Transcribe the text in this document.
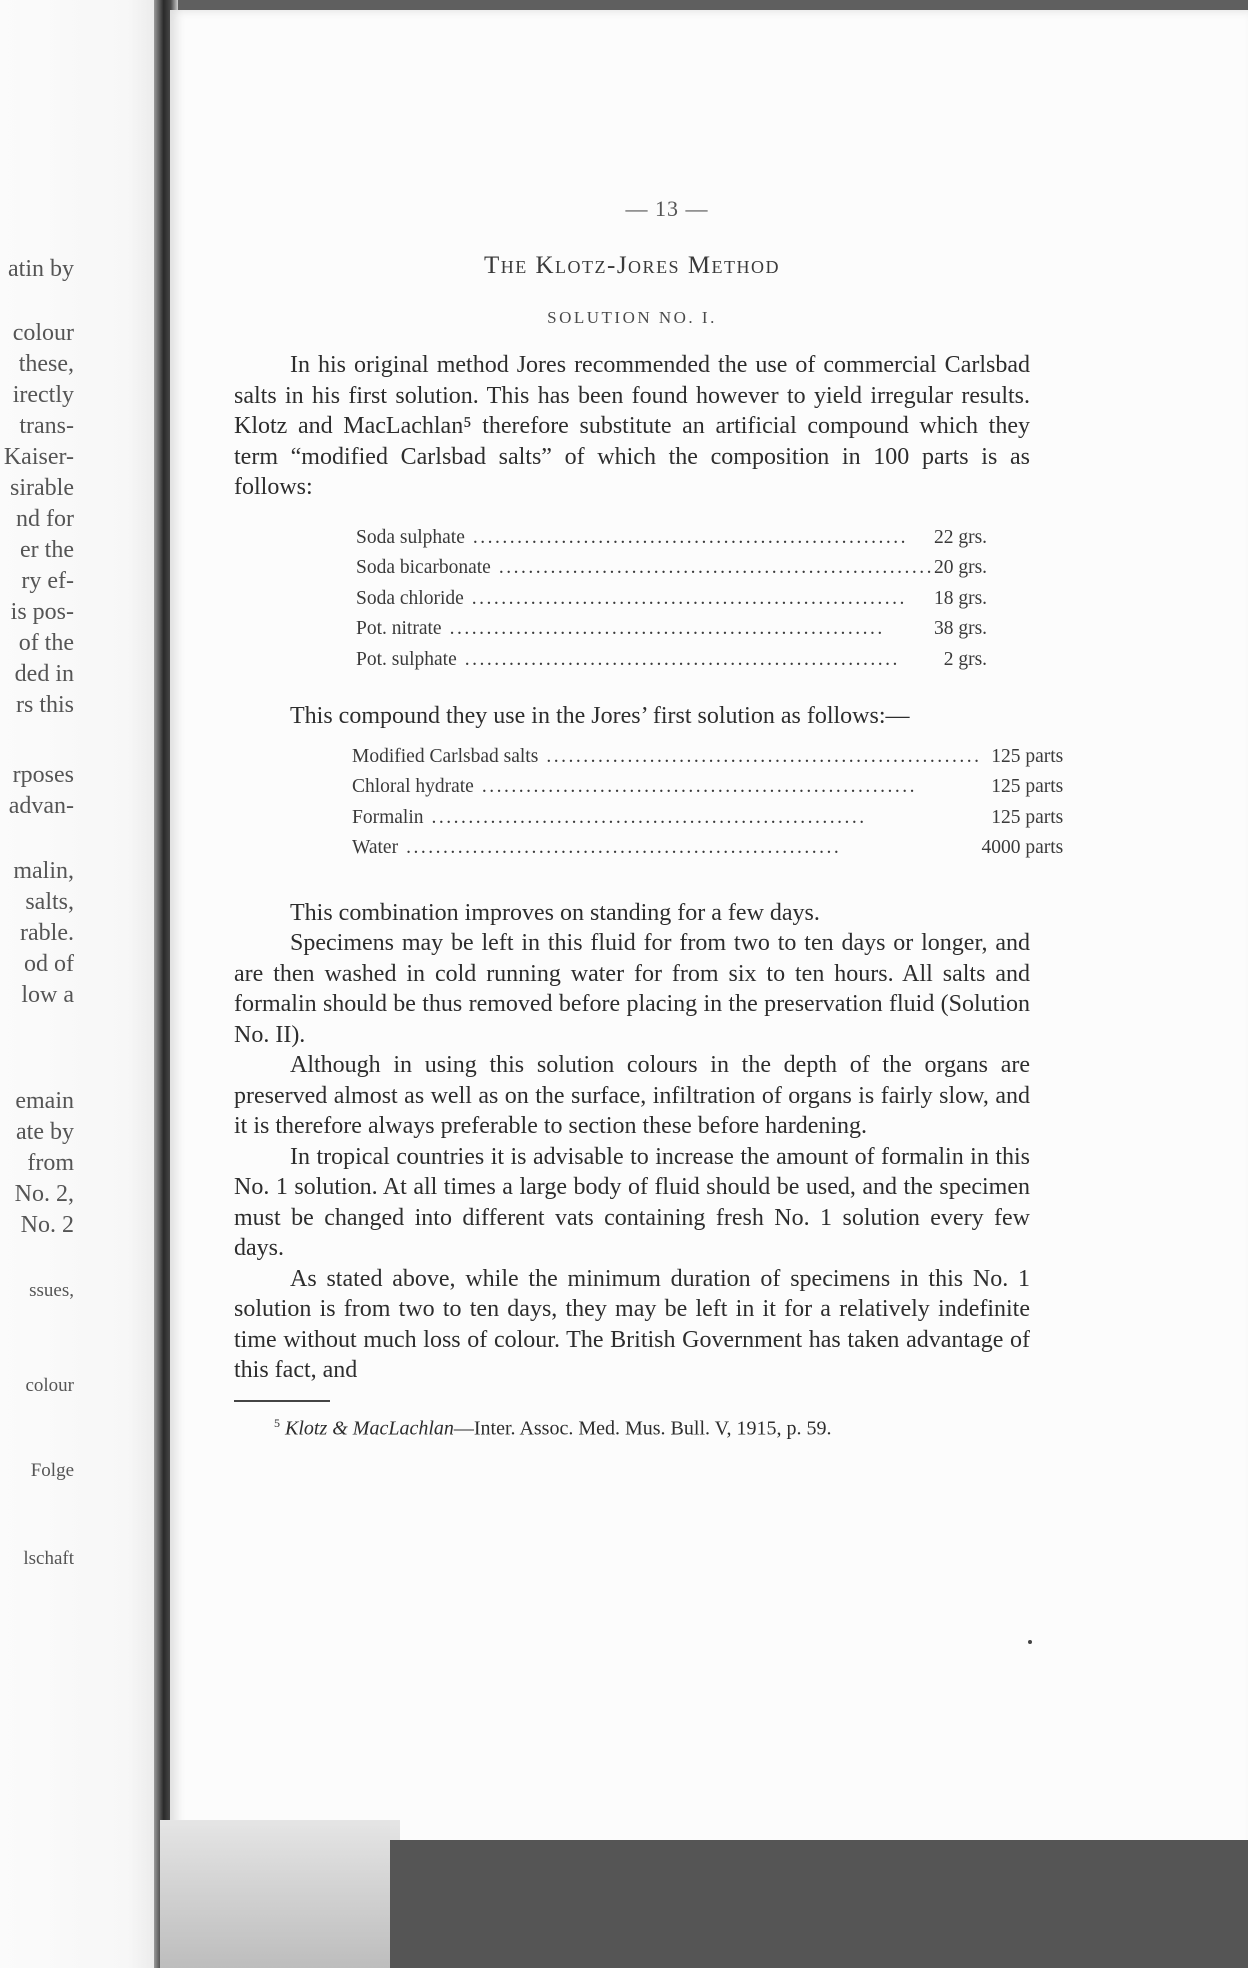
atin by
colour
these,
irectly
trans-
Kaiser-
sirable
nd for
er the
ry ef-
is pos-
of the
ded in
rs this
rposes
advan-
malin,
salts,
rable.
od of
low a
emain
ate by
from
No. 2,
No. 2
ssues,
colour
Folge
lschaft
— 13 —
The Klotz-Jores Method
SOLUTION NO. I.

In his original method Jores recommended the use of commercial Carlsbad salts in his first solution. This has been found however to yield irregular results. Klotz and MacLachlan⁵ therefore substitute an artificial compound which they term “modified Carlsbad salts” of which the composition in 100 parts is as follows:

Soda sulphate ...........................................................	22 grs.

Soda bicarbonate ...........................................................	20 grs.

Soda chloride ...........................................................	18 grs.

Pot. nitrate ...........................................................	38 grs.

Pot. sulphate ...........................................................	2 grs.

This compound they use in the Jores’ first solution as follows:—

Modified Carlsbad salts ...........................................................	125 parts

Chloral hydrate ...........................................................	125 parts

Formalin ...........................................................	125 parts

Water ...........................................................	4000 parts

This combination improves on standing for a few days.

Specimens may be left in this fluid for from two to ten days or longer, and are then washed in cold running water for from six to ten hours. All salts and formalin should be thus removed before placing in the preservation fluid (Solution No. II).

Although in using this solution colours in the depth of the organs are preserved almost as well as on the surface, infiltration of organs is fairly slow, and it is therefore always preferable to section these before hardening.

In tropical countries it is advisable to increase the amount of formalin in this No. 1 solution. At all times a large body of fluid should be used, and the specimen must be changed into different vats containing fresh No. 1 solution every few days.

As stated above, while the minimum duration of specimens in this No. 1 solution is from two to ten days, they may be left in it for a relatively indefinite time without much loss of colour. The British Government has taken advantage of this fact, and

$^5$ Klotz & MacLachlan—Inter. Assoc. Med. Mus. Bull. V, 1915, p. 59.
